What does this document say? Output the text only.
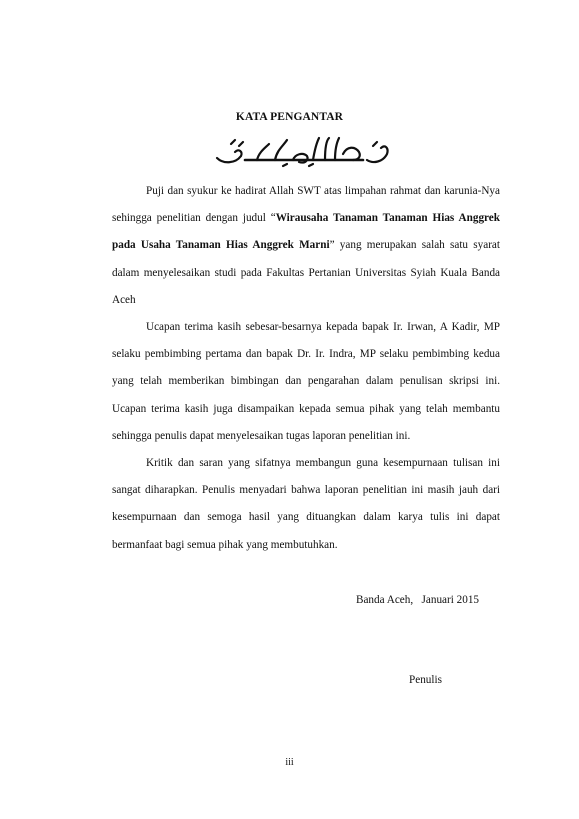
KATA PENGANTAR

Puji dan syukur ke hadirat Allah SWT atas limpahan rahmat dan karunia-Nya sehingga penelitian dengan judul “Wirausaha Tanaman Tanaman Hias Anggrek pada Usaha Tanaman Hias Anggrek Marni” yang merupakan salah satu syarat dalam menyelesaikan studi pada Fakultas Pertanian Universitas Syiah Kuala Banda Aceh

Ucapan terima kasih sebesar-besarnya kepada bapak Ir. Irwan, A Kadir, MP selaku pembimbing pertama dan bapak Dr. Ir. Indra, MP selaku pembimbing kedua yang telah memberikan bimbingan dan pengarahan dalam penulisan skripsi ini. Ucapan terima kasih juga disampaikan kepada semua pihak yang telah membantu sehingga penulis dapat menyelesaikan tugas laporan penelitian ini.

Kritik dan saran yang sifatnya membangun guna kesempurnaan tulisan ini sangat diharapkan. Penulis menyadari bahwa laporan penelitian ini masih jauh dari kesempurnaan dan semoga hasil yang dituangkan dalam karya tulis ini dapat bermanfaat bagi semua pihak yang membutuhkan.

Banda Aceh,   Januari 2015
Penulis
iii
